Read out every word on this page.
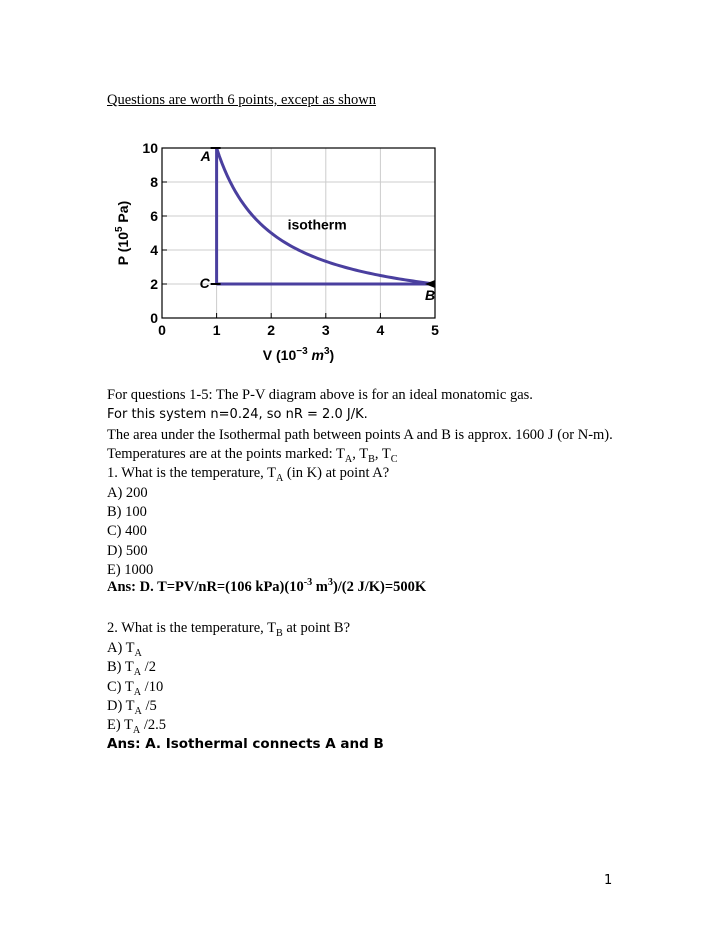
Questions are worth 6 points, except as shown
0	1	2	3	4	5
0
2
4
6
8
10
V ($10^{-3}$ $m^3$)
P ($10^5$ Pa)
A
C
B
isotherm
For questions 1-5: The P-V diagram above is for an ideal monatomic gas.
For this system n=0.24, so nR = 2.0 J/K.
The area under the Isothermal path between points A and B is approx. 1600 J (or N-m).
Temperatures are at the points marked: $T_A$, $T_B$, $T_C$
1. What is the temperature, $T_A$ (in K) at point A?
A) 200
B) 100
C) 400
D) 500
E) 1000
Ans: D. T=PV/nR=(106 $kPa)(10^{-3}$ $m^3)/(2$ J/K)=500K
2. What is the temperature, $T_B$ at point B?
A) $T_A$
B) $T_A$ /2
C) $T_A$ /10
D) $T_A$ /5
E) $T_A$ /2.5
Ans: A. Isothermal connects A and B
1
